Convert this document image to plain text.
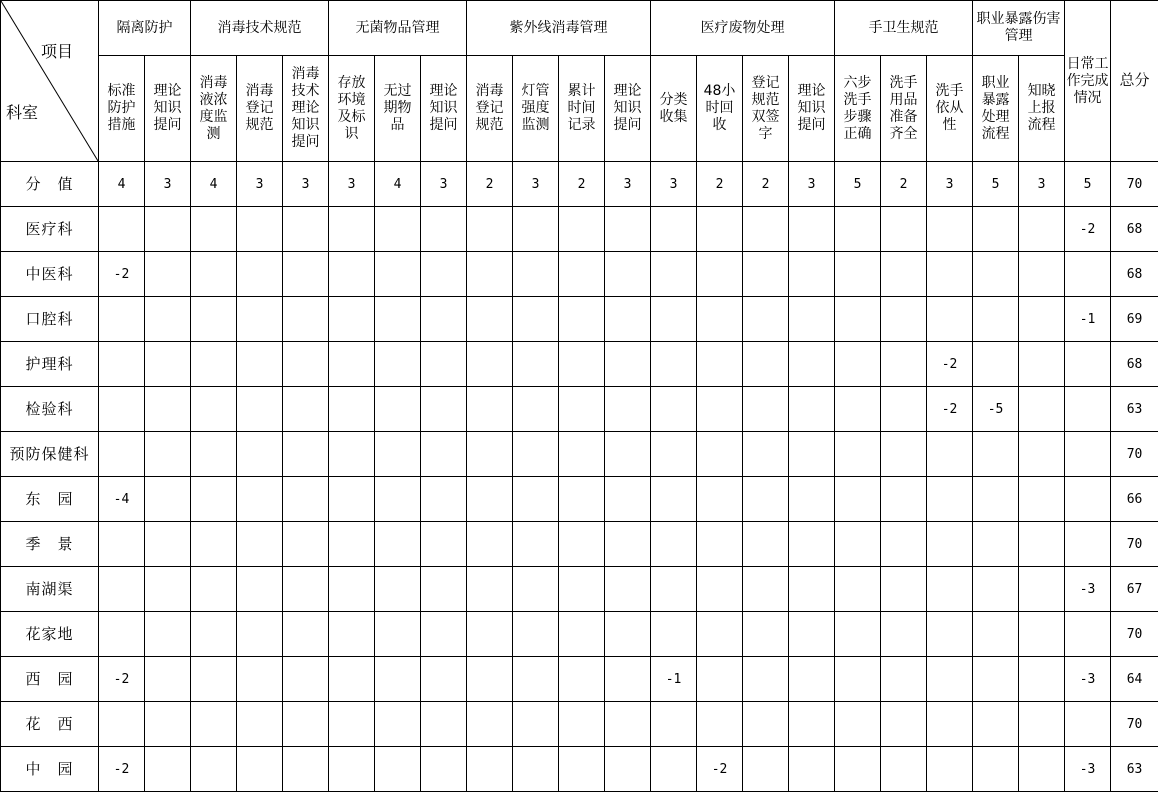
项目
科室	隔离防护		消毒技术规范			无菌物品管理			紫外线消毒管理				医疗废物处理				手卫生规范			职业暴露伤害管理		日常工作完成情况	总分
	标准防护措施	理论知识提问	消毒液浓度监测	消毒登记规范	消毒技术理论知识提问	存放环境及标识	无过期物品	理论知识提问	消毒登记规范	灯管强度监测	累计时间记录	理论知识提问	分类收集	48小时回收	登记规范双签字	理论知识提问	六步洗手步骤正确	洗手用品准备齐全	洗手依从性	职业暴露处理流程	知晓上报流程		
分　值	4	3	4	3	3	3	4	3	2	3	2	3	3	2	2	3	5	2	3	5	3	5	70
医疗科																						-2	68
中医科	-2																						68
口腔科																						-1	69
护理科																			-2				68
检验科																			-2	-5			63
预防保健科																							70
东　园	-4																						66
季　景																							70
南湖渠																						-3	67
花家地																							70
西　园	-2												-1									-3	64
花　西																							70
中　园	-2													-2								-3	63
